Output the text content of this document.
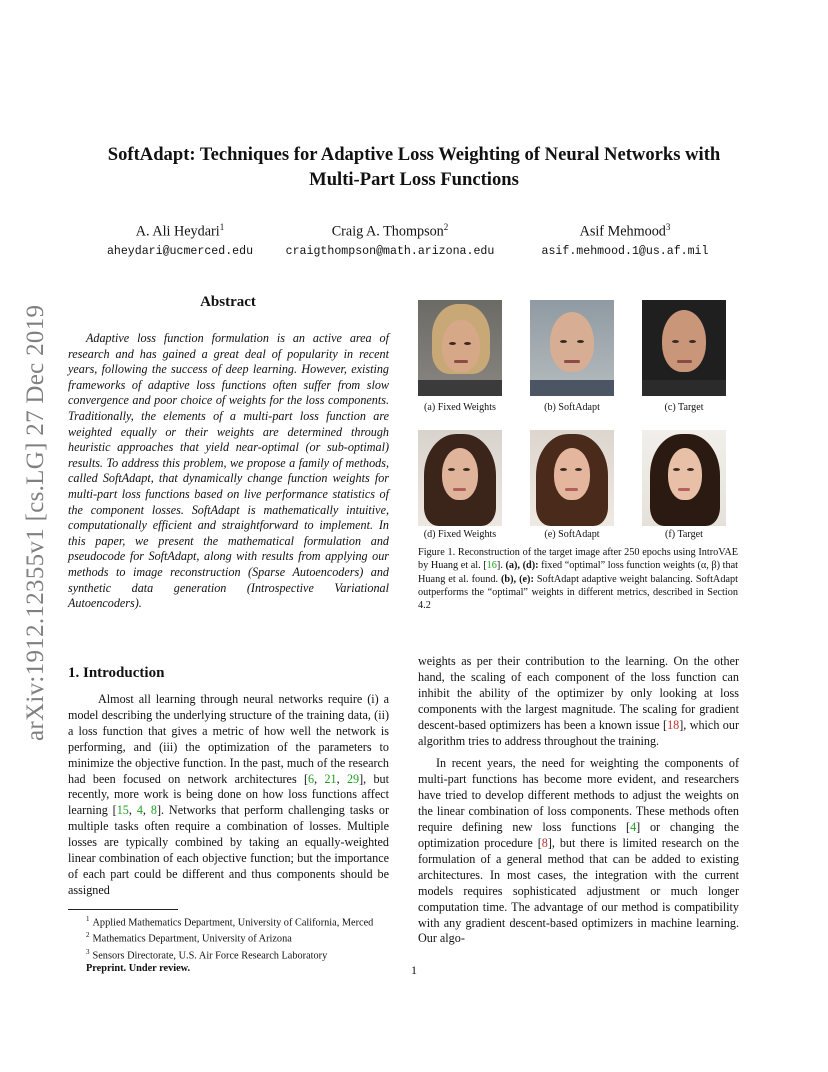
arXiv:1912.12355v1 [cs.LG] 27 Dec 2019
SoftAdapt: Techniques for Adaptive Loss Weighting of Neural Networks with
Multi-Part Loss Functions
A. Ali Heydari$^1$
aheydari@ucmerced.edu
Craig A. Thompson$^2$
craigthompson@math.arizona.edu
Asif Mehmood$^3$
asif.mehmood.1@us.af.mil
Abstract
Adaptive loss function formulation is an active area of research and has gained a great deal of popularity in recent years, following the success of deep learning. However, existing frameworks of adaptive loss functions often suffer from slow convergence and poor choice of weights for the loss components. Traditionally, the elements of a multi-part loss function are weighted equally or their weights are determined through heuristic approaches that yield near-optimal (or sub-optimal) results. To address this problem, we propose a family of methods, called SoftAdapt, that dynamically change function weights for multi-part loss functions based on live performance statistics of the component losses. SoftAdapt is mathematically intuitive, computationally efficient and straightforward to implement. In this paper, we present the mathematical formulation and pseudocode for SoftAdapt, along with results from applying our methods to image reconstruction (Sparse Autoencoders) and synthetic data generation (Introspective Variational Autoencoders).
1. Introduction
Almost all learning through neural networks require (i) a model describing the underlying structure of the training data, (ii) a loss function that gives a metric of how well the network is performing, and (iii) the optimization of the parameters to minimize the objective function. In the past, much of the research had been focused on network architectures [6, 21, 29], but recently, more work is being done on how loss functions affect learning [15, 4, 8]. Networks that perform challenging tasks or multiple tasks often require a combination of losses. Multiple losses are typically combined by taking an equally-weighted linear combination of each objective function; but the importance of each part could be different and thus components should be assigned
$^1$ Applied Mathematics Department, University of California, Merced
$^2$ Mathematics Department, University of Arizona
$^3$ Sensors Directorate, U.S. Air Force Research Laboratory
Preprint. Under review.
(a) Fixed Weights	(b) SoftAdapt	(c) Target
(d) Fixed Weights	(e) SoftAdapt	(f) Target
Figure 1. Reconstruction of the target image after 250 epochs using IntroVAE by Huang et al. [16]. (a), (d): fixed “optimal” loss function weights (α, β) that Huang et al. found. (b), (e): SoftAdapt adaptive weight balancing. SoftAdapt outperforms the “optimal” weights in different metrics, described in Section 4.2

weights as per their contribution to the learning. On the other hand, the scaling of each component of the loss function can inhibit the ability of the optimizer by only looking at loss components with the largest magnitude. The scaling for gradient descent-based optimizers has been a known issue [18], which our algorithm tries to address throughout the training.

In recent years, the need for weighting the components of multi-part functions has become more evident, and researchers have tried to develop different methods to adjust the weights on the linear combination of loss components. These methods often require defining new loss functions [4] or changing the optimization procedure [8], but there is limited research on the formulation of a general method that can be added to existing architectures. In most cases, the integration with the current models requires sophisticated adjustment or much longer computation time. The advantage of our method is compatibility with any gradient descent-based optimizers in machine learning. Our algo-

1
